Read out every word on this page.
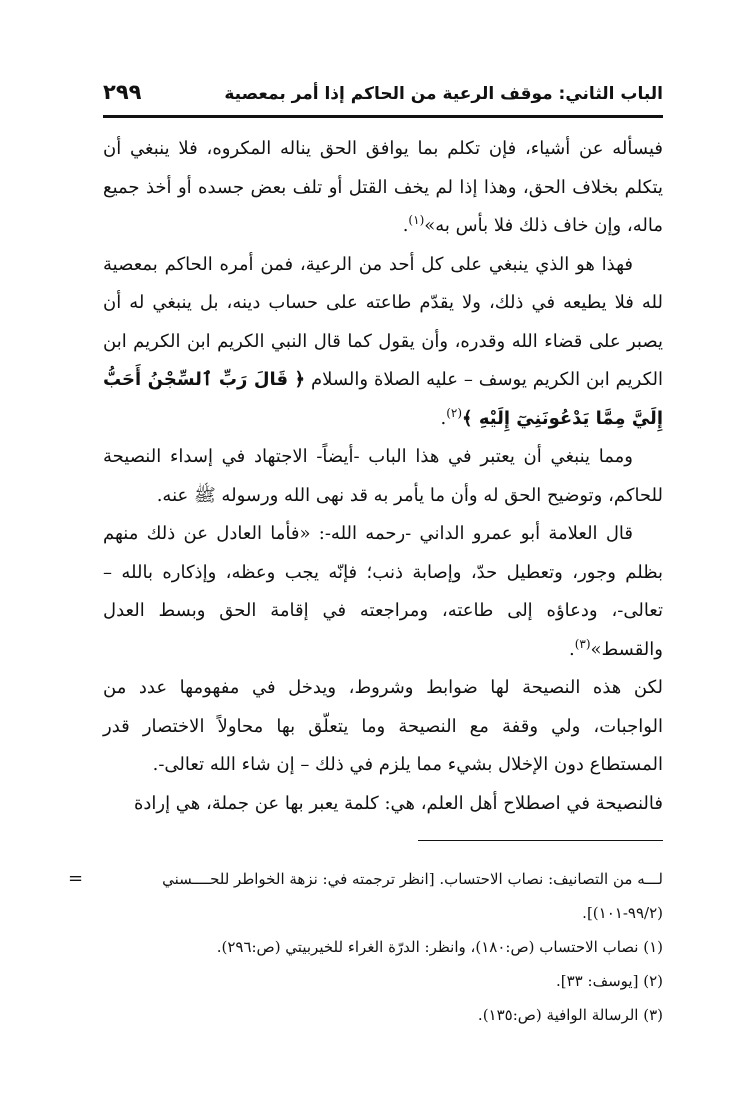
الباب الثاني: موقف الرعية من الحاكم إذا أمر بمعصية
٢٩٩

فيسأله عن أشياء، فإن تكلم بما يوافق الحق يناله المكروه، فلا ينبغي أن يتكلم بخلاف الحق، وهذا إذا لم يخف القتل أو تلف بعض جسده أو أخذ جميع ماله، وإن خاف ذلك فلا بأس به»$^{(١)}$.

فهذا هو الذي ينبغي على كل أحد من الرعية، فمن أمره الحاكم بمعصية لله فلا يطيعه في ذلك، ولا يقدّم طاعته على حساب دينه، بل ينبغي له أن يصبر على قضاء الله وقدره، وأن يقول كما قال النبي الكريم ابن الكريم ابن الكريم ابن الكريم يوسف – عليه الصلاة والسلام ﴿ قَالَ رَبِّ ٱلسِّجْنُ أَحَبُّ إِلَيَّ مِمَّا يَدْعُونَنِيٓ إِلَيْهِ ﴾$^{(٢)}$.

ومما ينبغي أن يعتبر في هذا الباب -أيضاً- الاجتهاد في إسداء النصيحة للحاكم، وتوضيح الحق له وأن ما يأمر به قد نهى الله ورسوله ﷺ عنه.

قال العلامة أبو عمرو الداني -رحمه الله-: «فأما العادل عن ذلك منهم بظلم وجور، وتعطيل حدّ، وإصابة ذنب؛ فإنّه يجب وعظه، وإذكاره بالله – تعالى-، ودعاؤه إلى طاعته، ومراجعته في إقامة الحق وبسط العدل والقسط»$^{(٣)}$.

لكن هذه النصيحة لها ضوابط وشروط، ويدخل في مفهومها عدد من الواجبات، ولي وقفة مع النصيحة وما يتعلّق بها محاولاً الاختصار قدر المستطاع دون الإخلال بشيء مما يلزم في ذلك – إن شاء الله تعالى-.

فالنصيحة في اصطلاح أهل العلم، هي: كلمة يعبر بها عن جملة، هي إرادة

=	لـــه من التصانيف: نصاب الاحتساب. [انظر ترجمته في: نزهة الخواطر للحــــسني (٩٩/٢-١٠١)].

(١) نصاب الاحتساب (ص:١٨٠)، وانظر: الدرّة الغراء للخيربيتي (ص:٢٩٦).

(٢) [يوسف: ٣٣].

(٣) الرسالة الوافية (ص:١٣٥).
